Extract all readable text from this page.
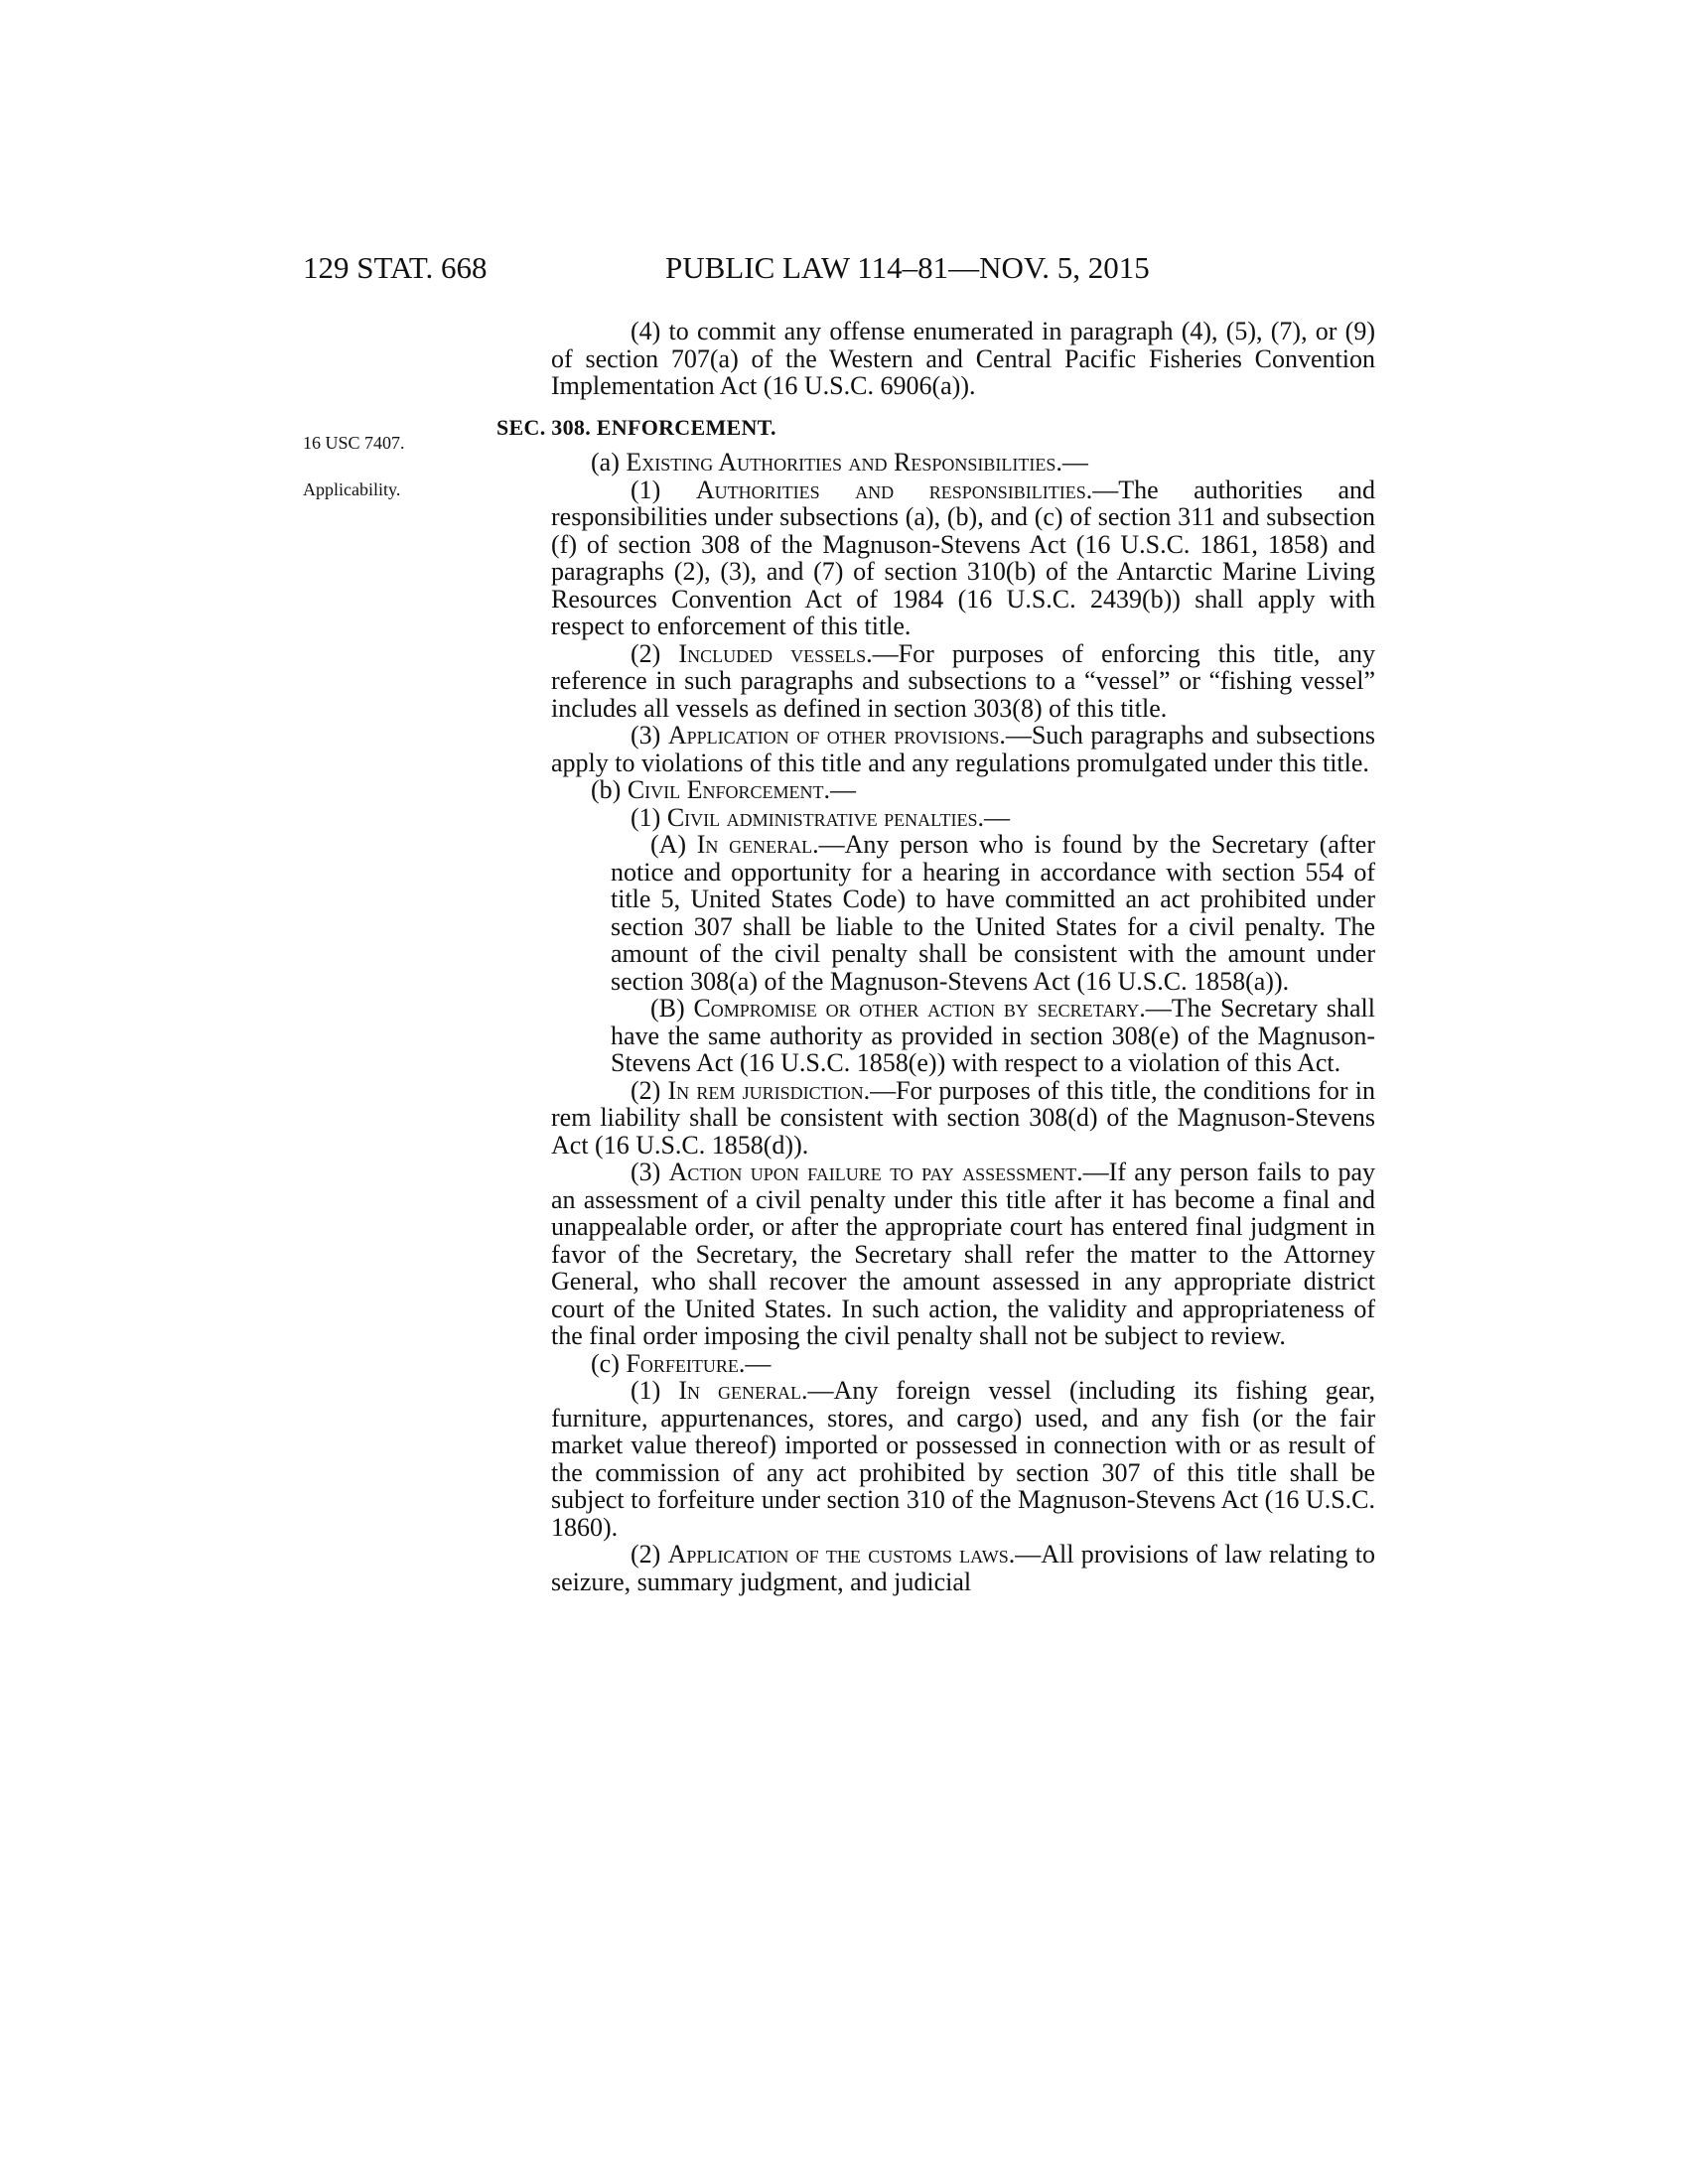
129 STAT. 668	PUBLIC LAW 114–81—NOV. 5, 2015

(4) to commit any offense enumerated in paragraph (4), (5), (7), or (9) of section 707(a) of the Western and Central Pacific Fisheries Convention Implementation Act (16 U.S.C. 6906(a)).

16 USC 7407.

SEC. 308. ENFORCEMENT.

Applicability.

(a) Existing Authorities and Responsibilities.—

(1) Authorities and responsibilities.—The authorities and responsibilities under subsections (a), (b), and (c) of section 311 and subsection (f) of section 308 of the Magnuson-Stevens Act (16 U.S.C. 1861, 1858) and paragraphs (2), (3), and (7) of section 310(b) of the Antarctic Marine Living Resources Convention Act of 1984 (16 U.S.C. 2439(b)) shall apply with respect to enforcement of this title.

(2) Included vessels.—For purposes of enforcing this title, any reference in such paragraphs and subsections to a “vessel” or “fishing vessel” includes all vessels as defined in section 303(8) of this title.

(3) Application of other provisions.—Such paragraphs and subsections apply to violations of this title and any regulations promulgated under this title.

(b) Civil Enforcement.—

(1) Civil administrative penalties.—

(A) In general.—Any person who is found by the Secretary (after notice and opportunity for a hearing in accordance with section 554 of title 5, United States Code) to have committed an act prohibited under section 307 shall be liable to the United States for a civil penalty. The amount of the civil penalty shall be consistent with the amount under section 308(a) of the Magnuson-Stevens Act (16 U.S.C. 1858(a)).

(B) Compromise or other action by secretary.—The Secretary shall have the same authority as provided in section 308(e) of the Magnuson-Stevens Act (16 U.S.C. 1858(e)) with respect to a violation of this Act.

(2) In rem jurisdiction.—For purposes of this title, the conditions for in rem liability shall be consistent with section 308(d) of the Magnuson-Stevens Act (16 U.S.C. 1858(d)).

(3) Action upon failure to pay assessment.—If any person fails to pay an assessment of a civil penalty under this title after it has become a final and unappealable order, or after the appropriate court has entered final judgment in favor of the Secretary, the Secretary shall refer the matter to the Attorney General, who shall recover the amount assessed in any appropriate district court of the United States. In such action, the validity and appropriateness of the final order imposing the civil penalty shall not be subject to review.

(c) Forfeiture.—

(1) In general.—Any foreign vessel (including its fishing gear, furniture, appurtenances, stores, and cargo) used, and any fish (or the fair market value thereof) imported or possessed in connection with or as result of the commission of any act prohibited by section 307 of this title shall be subject to forfeiture under section 310 of the Magnuson-Stevens Act (16 U.S.C. 1860).

(2) Application of the customs laws.—All provisions of law relating to seizure, summary judgment, and judicial
